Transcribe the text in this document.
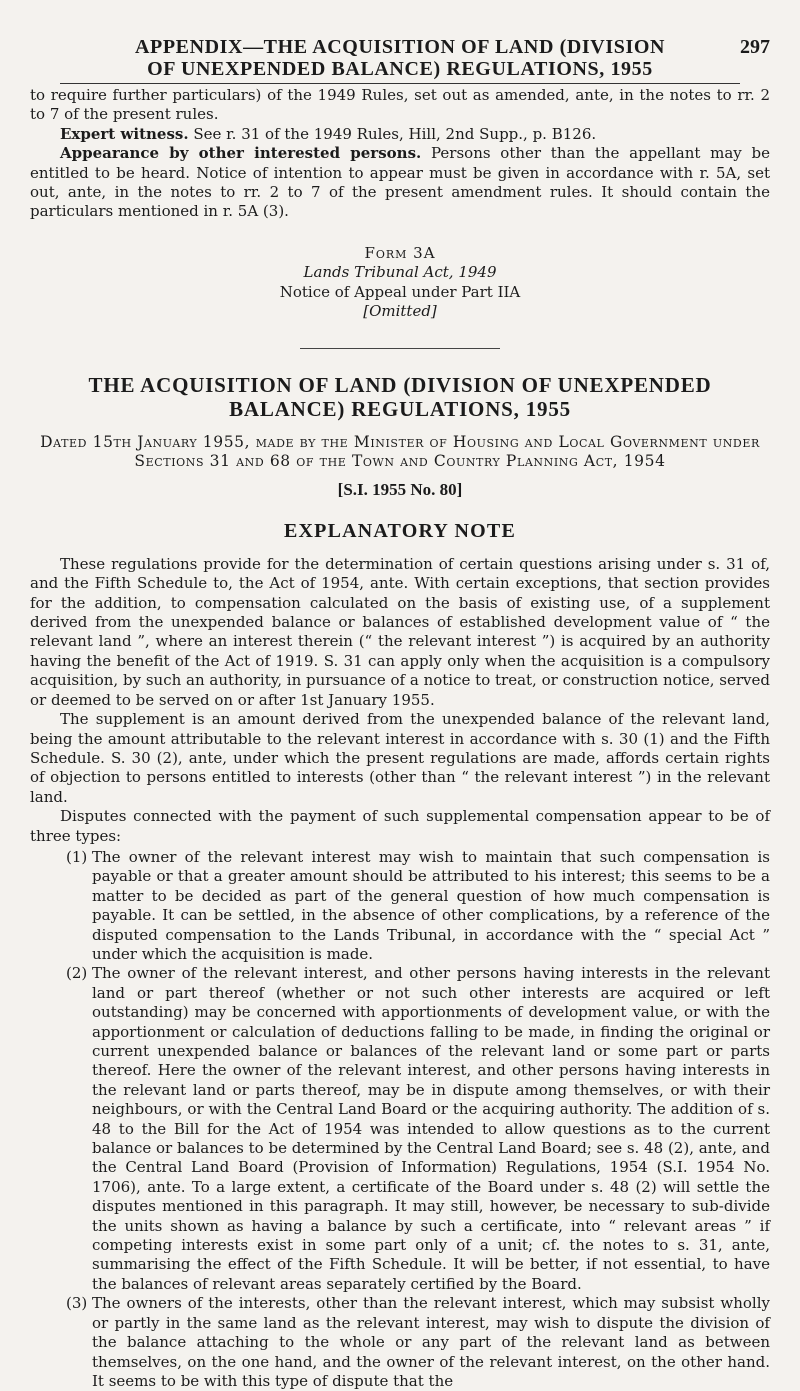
APPENDIX—THE ACQUISITION OF LAND (DIVISION	297
OF UNEXPENDED BALANCE) REGULATIONS, 1955

to require further particulars) of the 1949 Rules, set out as amended, ante, in the notes to rr. 2 to 7 of the present rules.

Expert witness. See r. 31 of the 1949 Rules, Hill, 2nd Supp., p. B126.

Appearance by other interested persons. Persons other than the appellant may be entitled to be heard. Notice of intention to appear must be given in accordance with r. 5A, set out, ante, in the notes to rr. 2 to 7 of the present amendment rules. It should contain the particulars mentioned in r. 5A (3).

Form 3A
Lands Tribunal Act, 1949
Notice of Appeal under Part IIA
[Omitted]
THE ACQUISITION OF LAND (DIVISION OF UNEXPENDED BALANCE) REGULATIONS, 1955
Dated 15th January 1955, made by the Minister of Housing and Local Government under Sections 31 and 68 of the Town and Country Planning Act, 1954
[S.I. 1955 No. 80]
EXPLANATORY NOTE

These regulations provide for the determination of certain questions arising under s. 31 of, and the Fifth Schedule to, the Act of 1954, ante. With certain exceptions, that section provides for the addition, to compensation calculated on the basis of existing use, of a supplement derived from the unexpended balance or balances of established development value of “ the relevant land ”, where an interest therein (“ the relevant interest ”) is acquired by an authority having the benefit of the Act of 1919. S. 31 can apply only when the acquisition is a compulsory acquisition, by such an authority, in pursuance of a notice to treat, or construction notice, served or deemed to be served on or after 1st January 1955.

The supplement is an amount derived from the unexpended balance of the relevant land, being the amount attributable to the relevant interest in accordance with s. 30 (1) and the Fifth Schedule. S. 30 (2), ante, under which the present regulations are made, affords certain rights of objection to persons entitled to interests (other than “ the relevant interest ”) in the relevant land.

Disputes connected with the payment of such supplemental compensation appear to be of three types:

(1) The owner of the relevant interest may wish to maintain that such compensation is payable or that a greater amount should be attributed to his interest; this seems to be a matter to be decided as part of the general question of how much compensation is payable. It can be settled, in the absence of other complications, by a reference of the disputed compensation to the Lands Tribunal, in accordance with the “ special Act ” under which the acquisition is made.

(2) The owner of the relevant interest, and other persons having interests in the relevant land or part thereof (whether or not such other interests are acquired or left outstanding) may be concerned with apportionments of development value, or with the apportionment or calculation of deductions falling to be made, in finding the original or current unexpended balance or balances of the relevant land or some part or parts thereof. Here the owner of the relevant interest, and other persons having interests in the relevant land or parts thereof, may be in dispute among themselves, or with their neighbours, or with the Central Land Board or the acquiring authority. The addition of s. 48 to the Bill for the Act of 1954 was intended to allow questions as to the current balance or balances to be determined by the Central Land Board; see s. 48 (2), ante, and the Central Land Board (Provision of Information) Regulations, 1954 (S.I. 1954 No. 1706), ante. To a large extent, a certificate of the Board under s. 48 (2) will settle the disputes mentioned in this paragraph. It may still, however, be necessary to sub-divide the units shown as having a balance by such a certificate, into “ relevant areas ” if competing interests exist in some part only of a unit; cf. the notes to s. 31, ante, summarising the effect of the Fifth Schedule. It will be better, if not essential, to have the balances of relevant areas separately certified by the Board.

(3) The owners of the interests, other than the relevant interest, which may subsist wholly or partly in the same land as the relevant interest, may wish to dispute the division of the balance attaching to the whole or any part of the relevant land as between themselves, on the one hand, and the owner of the relevant interest, on the other hand. It seems to be with this type of dispute that the
